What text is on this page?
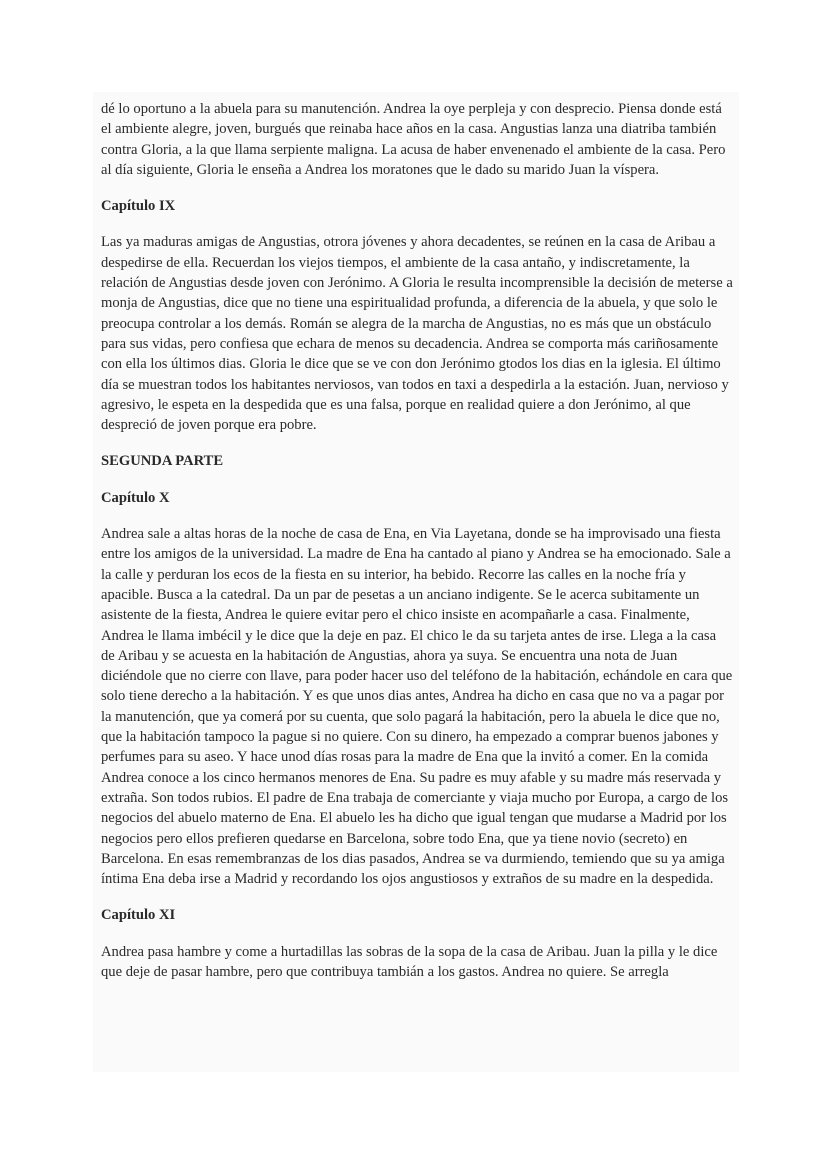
dé lo oportuno a la abuela para su manutención. Andrea la oye perpleja y con desprecio. Piensa donde está el ambiente alegre, joven, burgués que reinaba hace años en la casa. Angustias lanza una diatriba también contra Gloria, a la que llama serpiente maligna. La acusa de haber envenenado el ambiente de la casa. Pero al día siguiente, Gloria le enseña a Andrea los moratones que le dado su marido Juan la víspera.

Capítulo IX

Las ya maduras amigas de Angustias, otrora jóvenes y ahora decadentes, se reúnen en la casa de Aribau a despedirse de ella. Recuerdan los viejos tiempos, el ambiente de la casa antaño, y indiscretamente, la relación de Angustias desde joven con Jerónimo. A Gloria le resulta incomprensible la decisión de meterse a monja de Angustias, dice que no tiene una espiritualidad profunda, a diferencia de la abuela, y que solo le preocupa controlar a los demás. Román se alegra de la marcha de Angustias, no es más que un obstáculo para sus vidas, pero confiesa que echara de menos su decadencia. Andrea se comporta más cariñosamente con ella los últimos dias. Gloria le dice que se ve con don Jerónimo gtodos los dias en la iglesia. El último día se muestran todos los habitantes nerviosos, van todos en taxi a despedirla a la estación. Juan, nervioso y agresivo, le espeta en la despedida que es una falsa, porque en realidad quiere a don Jerónimo, al que despreció de joven porque era pobre.

SEGUNDA PARTE

Capítulo X

Andrea sale a altas horas de la noche de casa de Ena, en Via Layetana, donde se ha improvisado una fiesta entre los amigos de la universidad. La madre de Ena ha cantado al piano y Andrea se ha emocionado. Sale a la calle y perduran los ecos de la fiesta en su interior, ha bebido. Recorre las calles en la noche fría y apacible. Busca a la catedral. Da un par de pesetas a un anciano indigente. Se le acerca subitamente un asistente de la fiesta, Andrea le quiere evitar pero el chico insiste en acompañarle a casa. Finalmente, Andrea le llama imbécil y le dice que la deje en paz. El chico le da su tarjeta antes de irse. Llega a la casa de Aribau y se acuesta en la habitación de Angustias, ahora ya suya. Se encuentra una nota de Juan diciéndole que no cierre con llave, para poder hacer uso del teléfono de la habitación, echándole en cara que solo tiene derecho a la habitación. Y es que unos dias antes, Andrea ha dicho en casa que no va a pagar por la manutención, que ya comerá por su cuenta, que solo pagará la habitación, pero la abuela le dice que no, que la habitación tampoco la pague si no quiere. Con su dinero, ha empezado a comprar buenos jabones y perfumes para su aseo. Y hace unod días rosas para la madre de Ena que la invitó a comer. En la comida Andrea conoce a los cinco hermanos menores de Ena. Su padre es muy afable y su madre más reservada y extraña. Son todos rubios. El padre de Ena trabaja de comerciante y viaja mucho por Europa, a cargo de los negocios del abuelo materno de Ena. El abuelo les ha dicho que igual tengan que mudarse a Madrid por los negocios pero ellos prefieren quedarse en Barcelona, sobre todo Ena, que ya tiene novio (secreto) en Barcelona. En esas remembranzas de los dias pasados, Andrea se va durmiendo, temiendo que su ya amiga íntima Ena deba irse a Madrid y recordando los ojos angustiosos y extraños de su madre en la despedida.

Capítulo XI

Andrea pasa hambre y come a hurtadillas las sobras de la sopa de la casa de Aribau. Juan la pilla y le dice que deje de pasar hambre, pero que contribuya tambián a los gastos. Andrea no quiere. Se arregla
